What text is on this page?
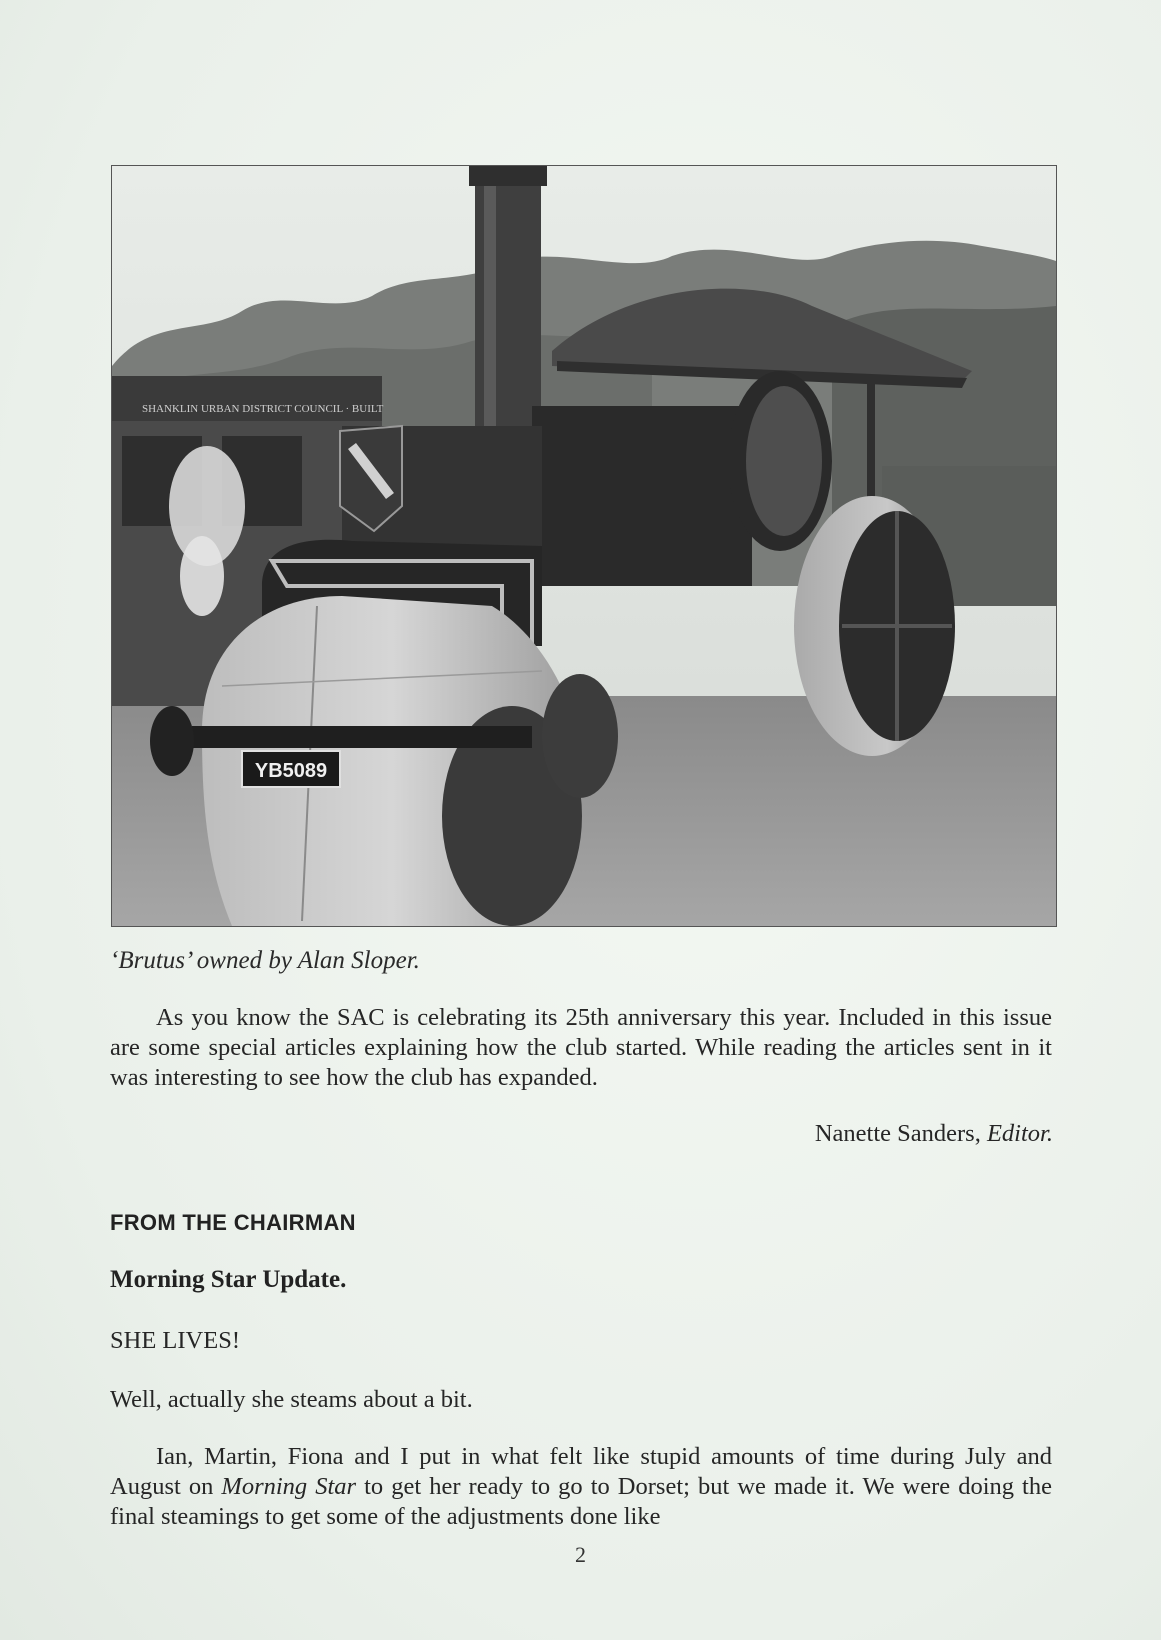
SHANKLIN URBAN DISTRICT COUNCIL · BUILT
YB5089
‘Brutus’ owned by Alan Sloper.
As you know the SAC is celebrating its 25th anniversary this year. Included in this issue are some special articles explaining how the club started. While reading the articles sent in it was interesting to see how the club has expanded.
Nanette Sanders, Editor.
FROM THE CHAIRMAN
Morning Star Update.
SHE LIVES!
Well, actually she steams about a bit.
Ian, Martin, Fiona and I put in what felt like stupid amounts of time during July and August on Morning Star to get her ready to go to Dorset; but we made it. We were doing the final steamings to get some of the adjustments done like
2
